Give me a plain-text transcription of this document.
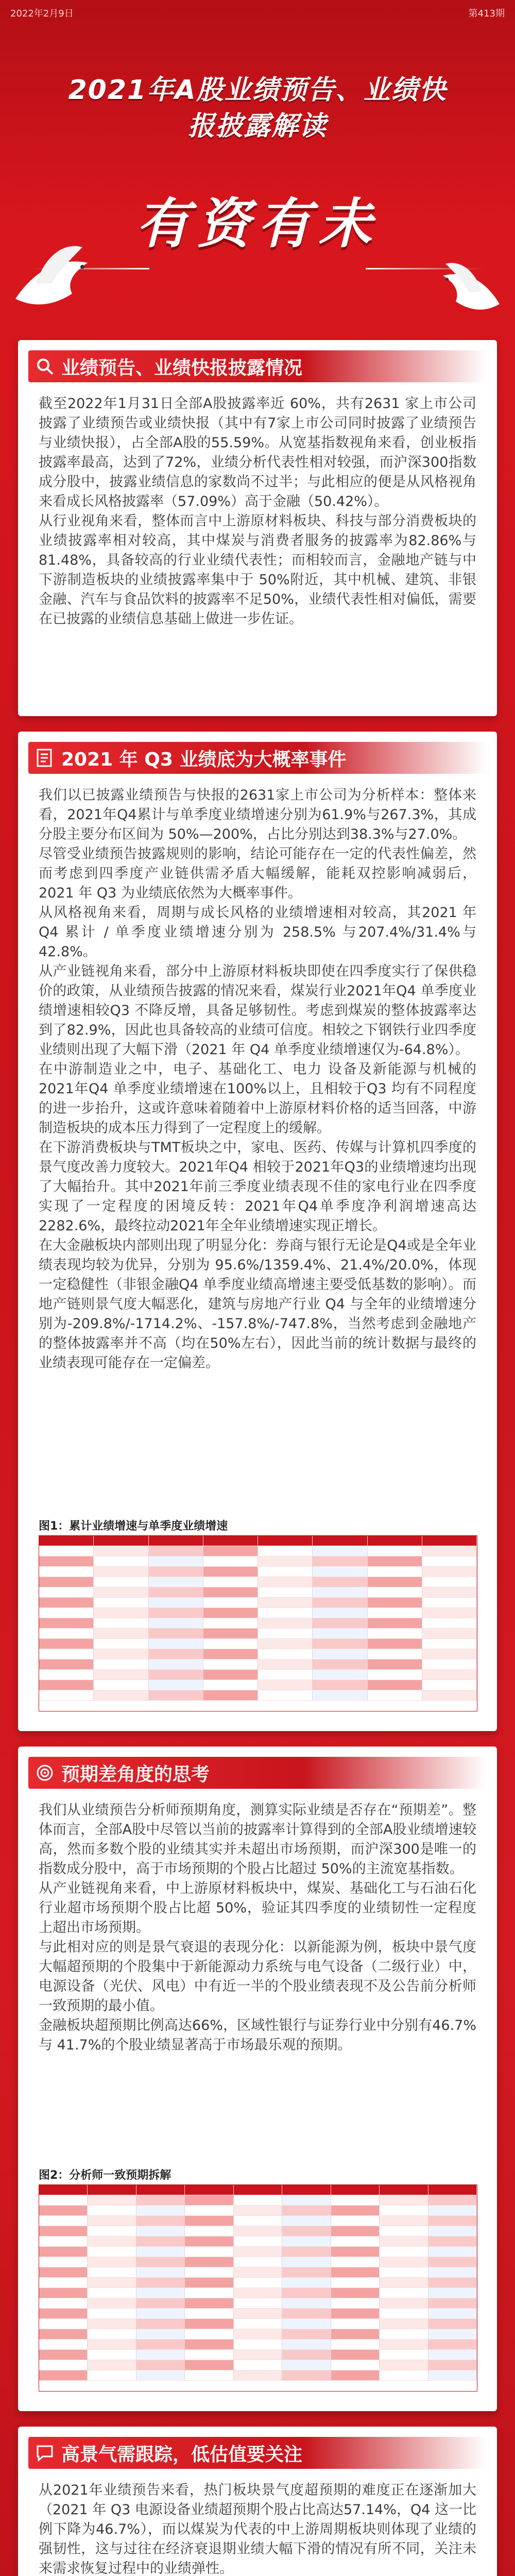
2022年2月9日	第413期
2021年A股业绩预告、业绩快
报披露解读
有资有未
业绩预告、业绩快报披露情况

截至2022年1月31日全部A股披露率近 60%，共有2631 家上市公司披露了业绩预告或业绩快报（其中有7家上市公司同时披露了业绩预告与业绩快报），占全部A股的55.59%。从宽基指数视角来看，创业板指披露率最高，达到了72%，业绩分析代表性相对较强，而沪深300指数成分股中，披露业绩信息的家数尚不过半；与此相应的便是从风格视角来看成长风格披露率（57.09%）高于金融（50.42%）。

从行业视角来看，整体而言中上游原材料板块、科技与部分消费板块的业绩披露率相对较高，其中煤炭与消费者服务的披露率为82.86%与81.48%，具备较高的行业业绩代表性；而相较而言，金融地产链与中下游制造板块的业绩披露率集中于 50%附近，其中机械、建筑、非银金融、汽车与食品饮料的披露率不足50%，业绩代表性相对偏低，需要在已披露的业绩信息基础上做进一步佐证。

2021 年 Q3 业绩底为大概率事件

我们以已披露业绩预告与快报的2631家上市公司为分析样本：整体来看，2021年Q4累计与单季度业绩增速分别为61.9%与267.3%，其成分股主要分布区间为 50%—200%，占比分别达到38.3%与27.0%。

尽管受业绩预告披露规则的影响，结论可能存在一定的代表性偏差，然而考虑到四季度产业链供需矛盾大幅缓解，能耗双控影响减弱后，2021 年 Q3 为业绩底依然为大概率事件。

从风格视角来看，周期与成长风格的业绩增速相对较高，其2021 年 Q4 累计 / 单季度业绩增速分别为 258.5% 与207.4%/31.4%与42.8%。

从产业链视角来看，部分中上游原材料板块即使在四季度实行了保供稳价的政策，从业绩预告披露的情况来看，煤炭行业2021年Q4 单季度业绩增速相较Q3 不降反增，具备足够韧性。考虑到煤炭的整体披露率达到了82.9%，因此也具备较高的业绩可信度。相较之下钢铁行业四季度业绩则出现了大幅下滑（2021 年 Q4 单季度业绩增速仅为-64.8%）。

在中游制造业之中，电子、基础化工、电力 设备及新能源与机械的2021年Q4 单季度业绩增速在100%以上，且相较于Q3 均有不同程度的进一步抬升，这或许意味着随着中上游原材料价格的适当回落，中游制造板块的成本压力得到了一定程度上的缓解。

在下游消费板块与TMT板块之中，家电、医药、传媒与计算机四季度的景气度改善力度较大。2021年Q4 相较于2021年Q3的业绩增速均出现了大幅抬升。其中2021年前三季度业绩表现不佳的家电行业在四季度实现了一定程度的困境反转：2021年Q4单季度净利润增速高达2282.6%，最终拉动2021年全年业绩增速实现正增长。

在大金融板块内部则出现了明显分化：券商与银行无论是Q4或是全年业绩表现均较为优异，分别为 95.6%/1359.4%、21.4%/20.0%，体现一定稳健性（非银金融Q4 单季度业绩高增速主要受低基数的影响）。而地产链则景气度大幅恶化，建筑与房地产行业 Q4 与全年的业绩增速分别为-209.8%/-1714.2%、-157.8%/-747.8%，当然考虑到金融地产的整体披露率并不高（均在50%左右），因此当前的统计数据与最终的业绩表现可能存在一定偏差。

图1：累计业绩增速与单季度业绩增速
预期差角度的思考

我们从业绩预告分析师预期角度，测算实际业绩是否存在“预期差”。整体而言，全部A股中尽管以当前的披露率计算得到的全部A股业绩增速较高，然而多数个股的业绩其实并未超出市场预期，而沪深300是唯一的指数成分股中，高于市场预期的个股占比超过 50%的主流宽基指数。

从产业链视角来看，中上游原材料板块中，煤炭、基础化工与石油石化行业超市场预期个股占比超 50%，验证其四季度的业绩韧性一定程度上超出市场预期。

与此相对应的则是景气衰退的表现分化：以新能源为例，板块中景气度大幅超预期的个股集中于新能源动力系统与电气设备（二级行业）中，电源设备（光伏、风电）中有近一半的个股业绩表现不及公告前分析师一致预期的最小值。

金融板块超预期比例高达66%，区域性银行与证券行业中分别有46.7%与 41.7%的个股业绩显著高于市场最乐观的预期。

图2：分析师一致预期拆解
高景气需跟踪，低估值要关注

从2021年业绩预告来看，热门板块景气度超预期的难度正在逐渐加大（2021 年 Q3 电源设备业绩超预期个股占比高达57.14%，Q4 这一比例下降为46.7%），而以煤炭为代表的中上游周期板块则体现了业绩的强韧性，这与过往在经济衰退期业绩大幅下滑的情况有所不同，关注未来需求恢复过程中的业绩弹性。
